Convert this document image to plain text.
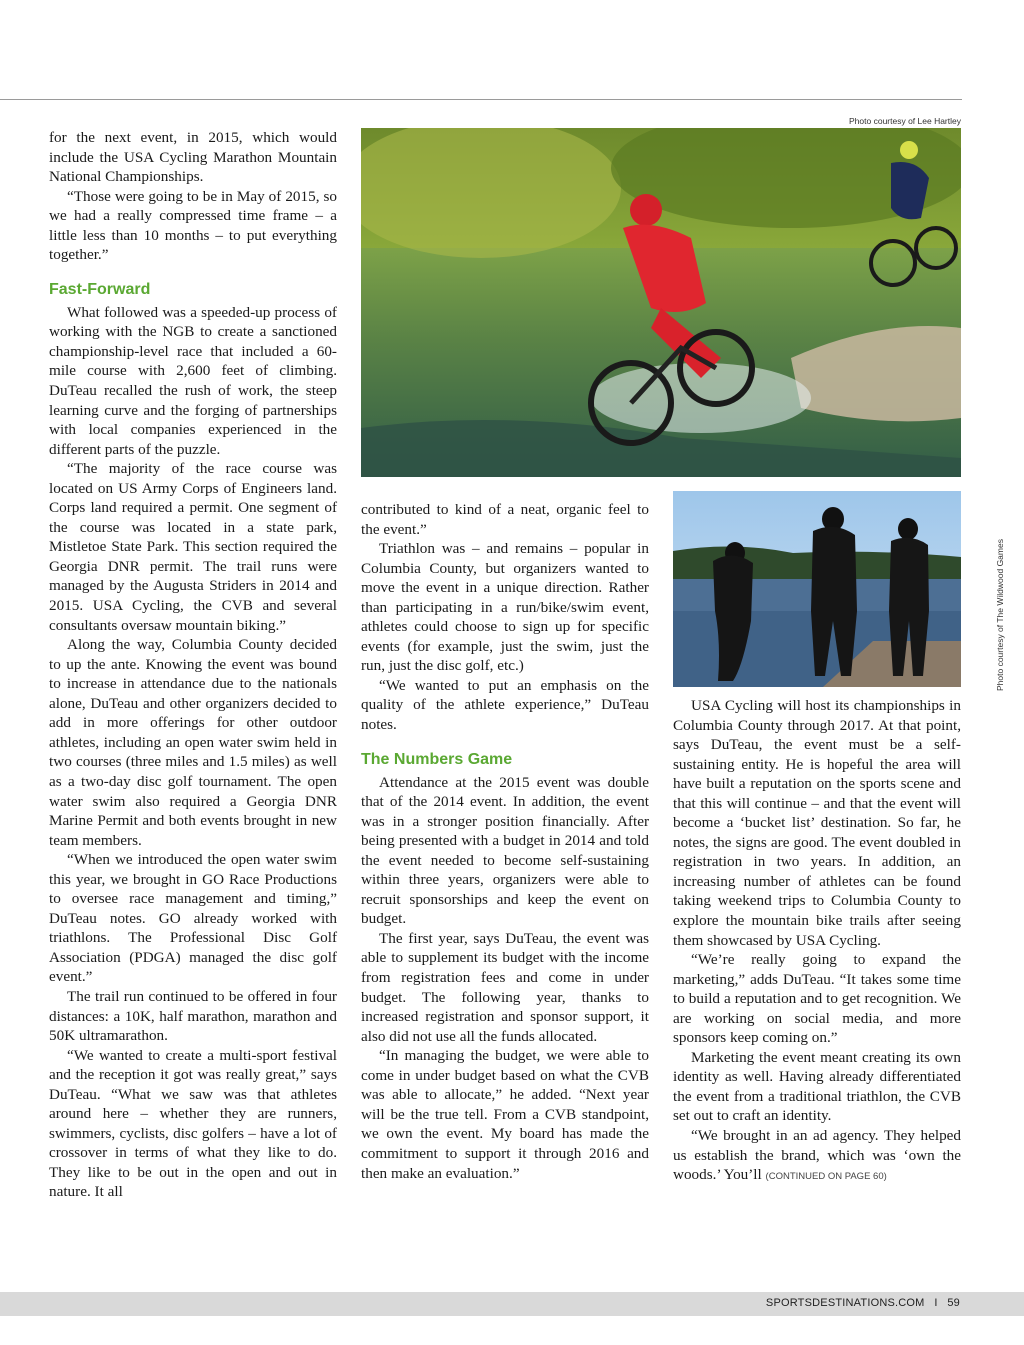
Photo courtesy of Lee Hartley
Photo courtesy of The Wildwood Games

for the next event, in 2015, which would include the USA Cycling Marathon Mountain National Championships.

“Those were going to be in May of 2015, so we had a really compressed time frame – a little less than 10 months – to put everything together.”

Fast-Forward

What followed was a speeded-up process of working with the NGB to create a sanctioned championship-level race that included a 60-mile course with 2,600 feet of climbing. DuTeau recalled the rush of work, the steep learning curve and the forging of partnerships with local companies experienced in the different parts of the puzzle.

“The majority of the race course was located on US Army Corps of Engineers land. Corps land required a permit. One segment of the course was located in a state park, Mistletoe State Park. This section required the Georgia DNR permit. The trail runs were managed by the Augusta Striders in 2014 and 2015. USA Cycling, the CVB and several consultants oversaw mountain biking.”

Along the way, Columbia County decided to up the ante. Knowing the event was bound to increase in attendance due to the nationals alone, DuTeau and other organizers decided to add in more offerings for other outdoor athletes, including an open water swim held in two courses (three miles and 1.5 miles) as well as a two-day disc golf tournament. The open water swim also required a Georgia DNR Marine Permit and both events brought in new team members.

“When we introduced the open water swim this year, we brought in GO Race Productions to oversee race management and timing,” DuTeau notes. GO already worked with triathlons. The Professional Disc Golf Association (PDGA) managed the disc golf event.”

The trail run continued to be offered in four distances: a 10K, half marathon, marathon and 50K ultramarathon.

“We wanted to create a multi-sport festival and the reception it got was really great,” says DuTeau. “What we saw was that athletes around here – whether they are runners, swimmers, cyclists, disc golfers – have a lot of crossover in terms of what they like to do. They like to be out in the open and out in nature. It all

contributed to kind of a neat, organic feel to the event.”

Triathlon was – and remains – popular in Columbia County, but organizers wanted to move the event in a unique direction. Rather than participating in a run/bike/swim event, athletes could choose to sign up for specific events (for example, just the swim, just the run, just the disc golf, etc.)

“We wanted to put an emphasis on the quality of the athlete experience,” DuTeau notes.

The Numbers Game

Attendance at the 2015 event was double that of the 2014 event. In addition, the event was in a stronger position financially. After being presented with a budget in 2014 and told the event needed to become self-sustaining within three years, organizers were able to recruit sponsorships and keep the event on budget.

The first year, says DuTeau, the event was able to supplement its budget with the income from registration fees and come in under budget. The following year, thanks to increased registration and sponsor support, it also did not use all the funds allocated.

“In managing the budget, we were able to come in under budget based on what the CVB was able to allocate,” he added. “Next year will be the true tell. From a CVB standpoint, we own the event. My board has made the commitment to support it through 2016 and then make an evaluation.”

USA Cycling will host its championships in Columbia County through 2017. At that point, says DuTeau, the event must be a self-sustaining entity. He is hopeful the area will have built a reputation on the sports scene and that this will continue – and that the event will become a ‘bucket list’ destination. So far, he notes, the signs are good. The event doubled in registration in two years. In addition, an increasing number of athletes can be found taking weekend trips to Columbia County to explore the mountain bike trails after seeing them showcased by USA Cycling.

“We’re really going to expand the marketing,” adds DuTeau. “It takes some time to build a reputation and to get recognition. We are working on social media, and more sponsors keep coming on.”

Marketing the event meant creating its own identity as well. Having already differentiated the event from a traditional triathlon, the CVB set out to craft an identity.

“We brought in an ad agency. They helped us establish the brand, which was ‘own the woods.’ You’ll (CONTINUED ON PAGE 60)

SPORTSDESTINATIONS.COM I 59
